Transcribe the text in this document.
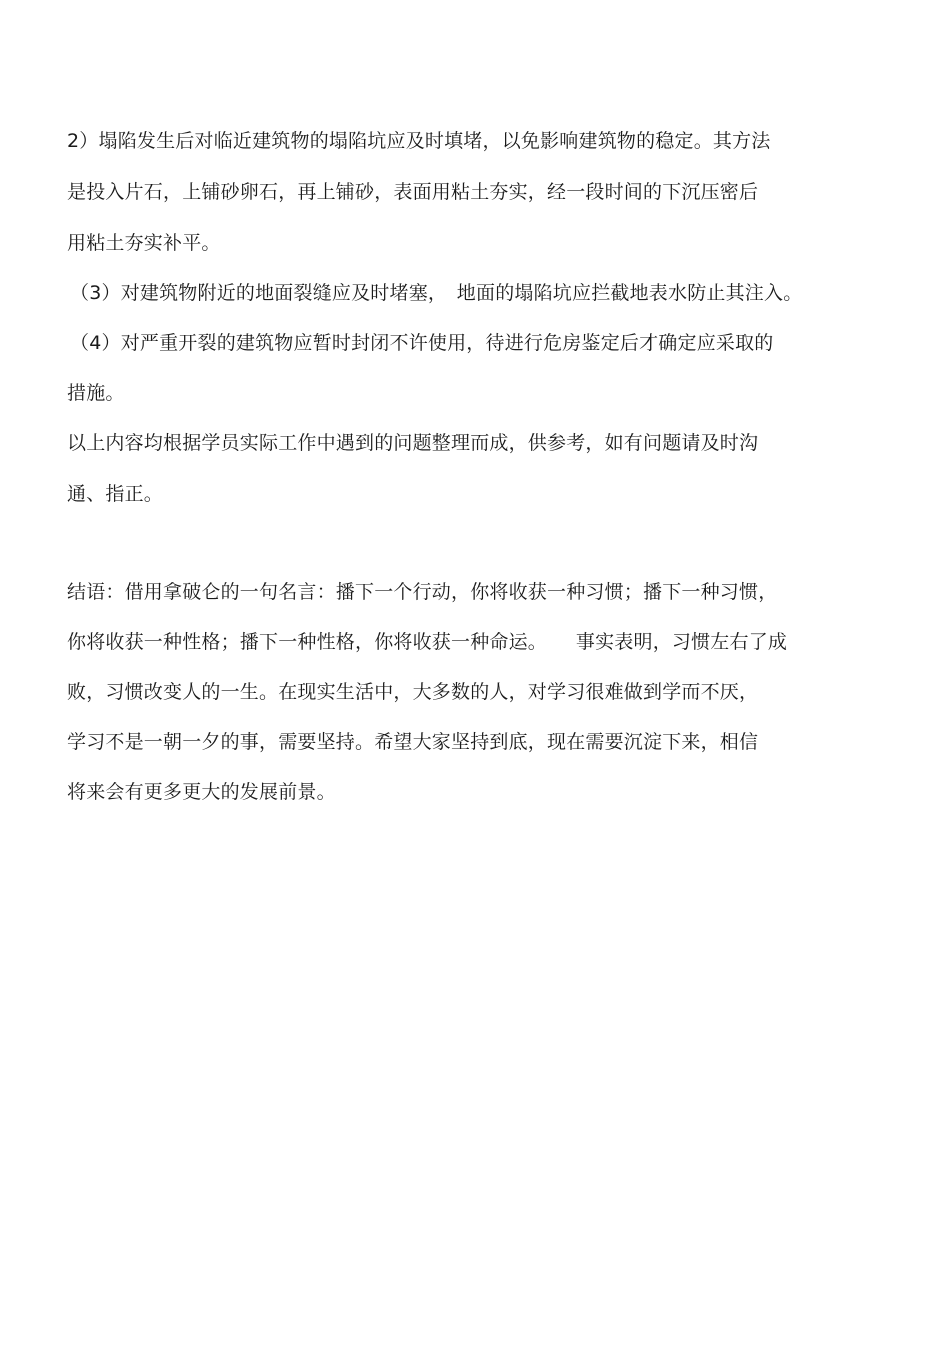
2）塌陷发生后对临近建筑物的塌陷坑应及时填堵，以免影响建筑物的稳定。其方法
是投入片石，上铺砂卵石，再上铺砂，表面用粘土夯实，经一段时间的下沉压密后
用粘土夯实补平。
（3）对建筑物附近的地面裂缝应及时堵塞，　地面的塌陷坑应拦截地表水防止其注入。
（4）对严重开裂的建筑物应暂时封闭不许使用，待进行危房鉴定后才确定应采取的
措施。
以上内容均根据学员实际工作中遇到的问题整理而成，供参考，如有问题请及时沟
通、指正。
结语：借用拿破仑的一句名言：播下一个行动，你将收获一种习惯；播下一种习惯，
你将收获一种性格；播下一种性格，你将收获一种命运。　　事实表明，习惯左右了成
败，习惯改变人的一生。在现实生活中，大多数的人，对学习很难做到学而不厌，
学习不是一朝一夕的事，需要坚持。希望大家坚持到底，现在需要沉淀下来，相信
将来会有更多更大的发展前景。
